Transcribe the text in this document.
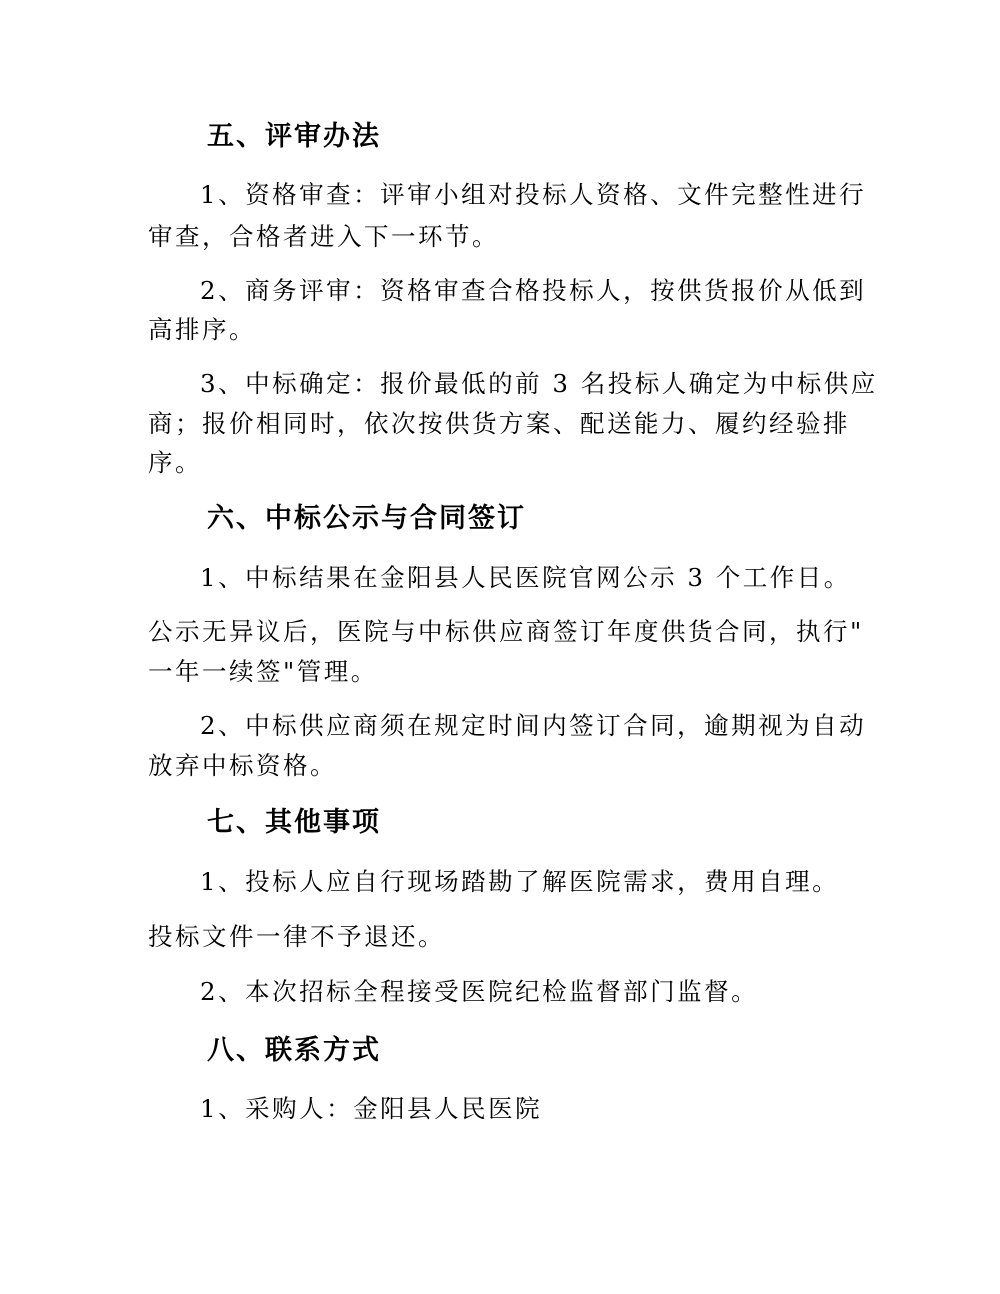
五、评审办法
1、资格审查：评审小组对投标人资格、文件完整性进行
审查，合格者进入下一环节。
2、商务评审：资格审查合格投标人，按供货报价从低到
高排序。
3、中标确定：报价最低的前 3 名投标人确定为中标供应
商；报价相同时，依次按供货方案、配送能力、履约经验排
序。
六、中标公示与合同签订
1、中标结果在金阳县人民医院官网公示 3 个工作日。
公示无异议后，医院与中标供应商签订年度供货合同，执行"
一年一续签"管理。
2、中标供应商须在规定时间内签订合同，逾期视为自动
放弃中标资格。
七、其他事项
1、投标人应自行现场踏勘了解医院需求，费用自理。
投标文件一律不予退还。
2、本次招标全程接受医院纪检监督部门监督。
八、联系方式
1、采购人：金阳县人民医院
